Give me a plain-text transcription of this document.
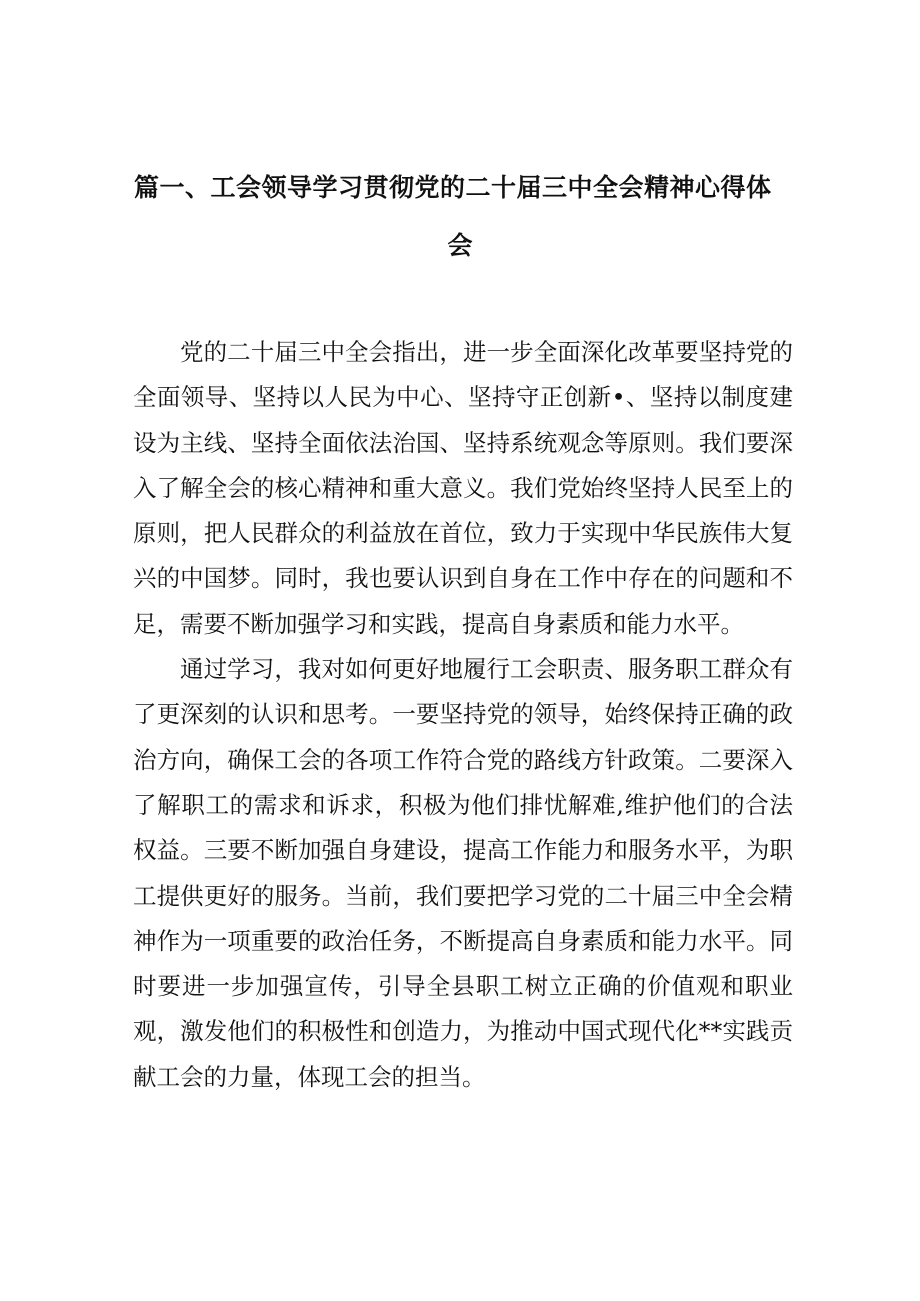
篇一、工会领导学习贯彻党的二十届三中全会精神心得体
会

党的二十届三中全会指出，进一步全面深化改革要坚持党的全面领导、坚持以人民为中心、坚持守正创新•、坚持以制度建设为主线、坚持全面依法治国、坚持系统观念等原则。我们要深入了解全会的核心精神和重大意义。我们党始终坚持人民至上的原则，把人民群众的利益放在首位，致力于实现中华民族伟大复兴的中国梦。同时，我也要认识到自身在工作中存在的问题和不足，需要不断加强学习和实践，提高自身素质和能力水平。

通过学习，我对如何更好地履行工会职责、服务职工群众有了更深刻的认识和思考。一要坚持党的领导，始终保持正确的政治方向，确保工会的各项工作符合党的路线方针政策。二要深入了解职工的需求和诉求，积极为他们排忧解难,维护他们的合法权益。三要不断加强自身建设，提高工作能力和服务水平，为职工提供更好的服务。当前，我们要把学习党的二十届三中全会精神作为一项重要的政治任务，不断提高自身素质和能力水平。同时要进一步加强宣传，引导全县职工树立正确的价值观和职业观，激发他们的积极性和创造力，为推动中国式现代化**实践贡献工会的力量，体现工会的担当。
